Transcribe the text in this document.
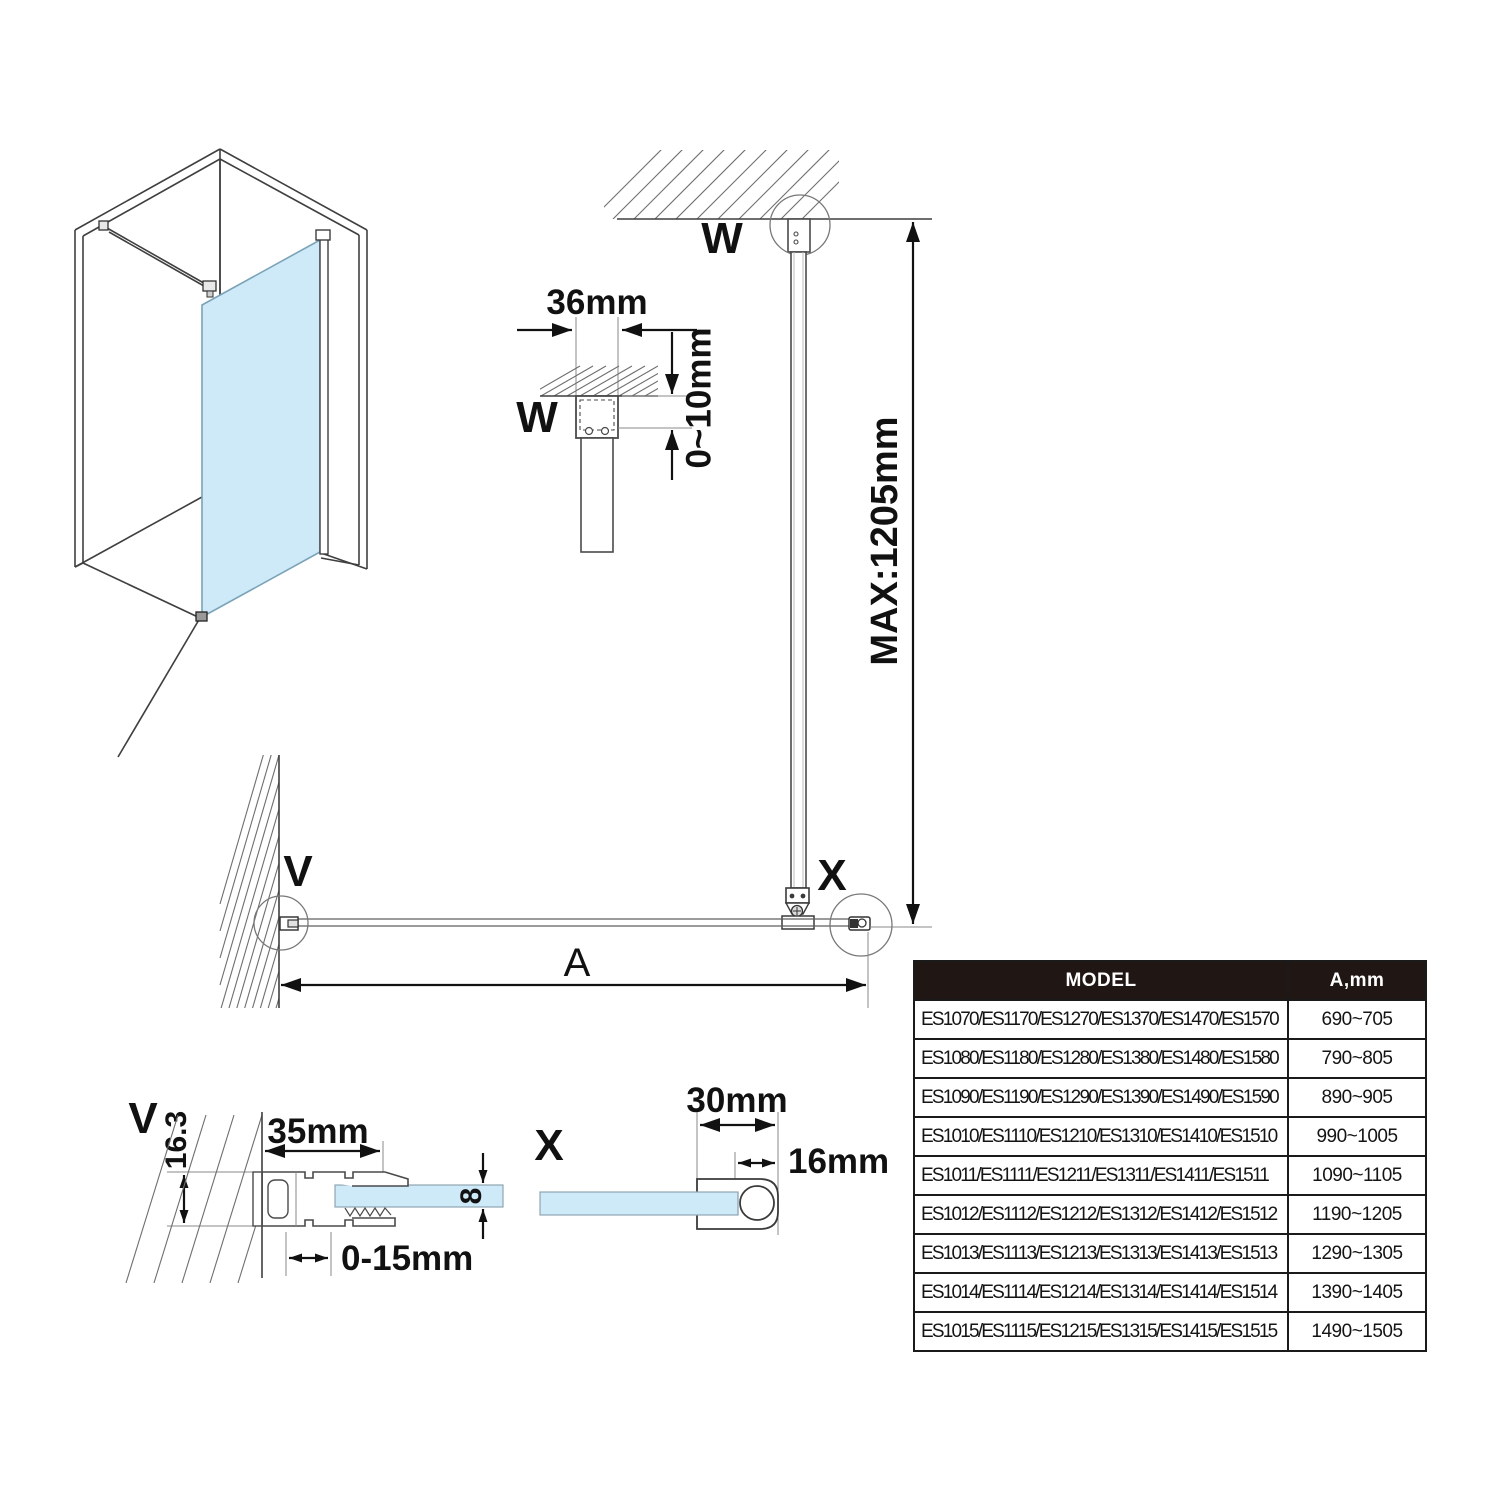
36mm
0~10mm
W
W
X
MAX:1205mm
V
A
V 16.3 35mm
8
0-15mm
X
30mm
16mm
MODEL	A,mm
ES1070/ES1170/ES1270/ES1370/ES1470/ES1570	690~705
ES1080/ES1180/ES1280/ES1380/ES1480/ES1580	790~805
ES1090/ES1190/ES1290/ES1390/ES1490/ES1590	890~905
ES1010/ES1110/ES1210/ES1310/ES1410/ES1510	990~1005
ES1011/ES1111/ES1211/ES1311/ES1411/ES1511	1090~1105
ES1012/ES1112/ES1212/ES1312/ES1412/ES1512	1190~1205
ES1013/ES1113/ES1213/ES1313/ES1413/ES1513	1290~1305
ES1014/ES1114/ES1214/ES1314/ES1414/ES1514	1390~1405
ES1015/ES1115/ES1215/ES1315/ES1415/ES1515	1490~1505
